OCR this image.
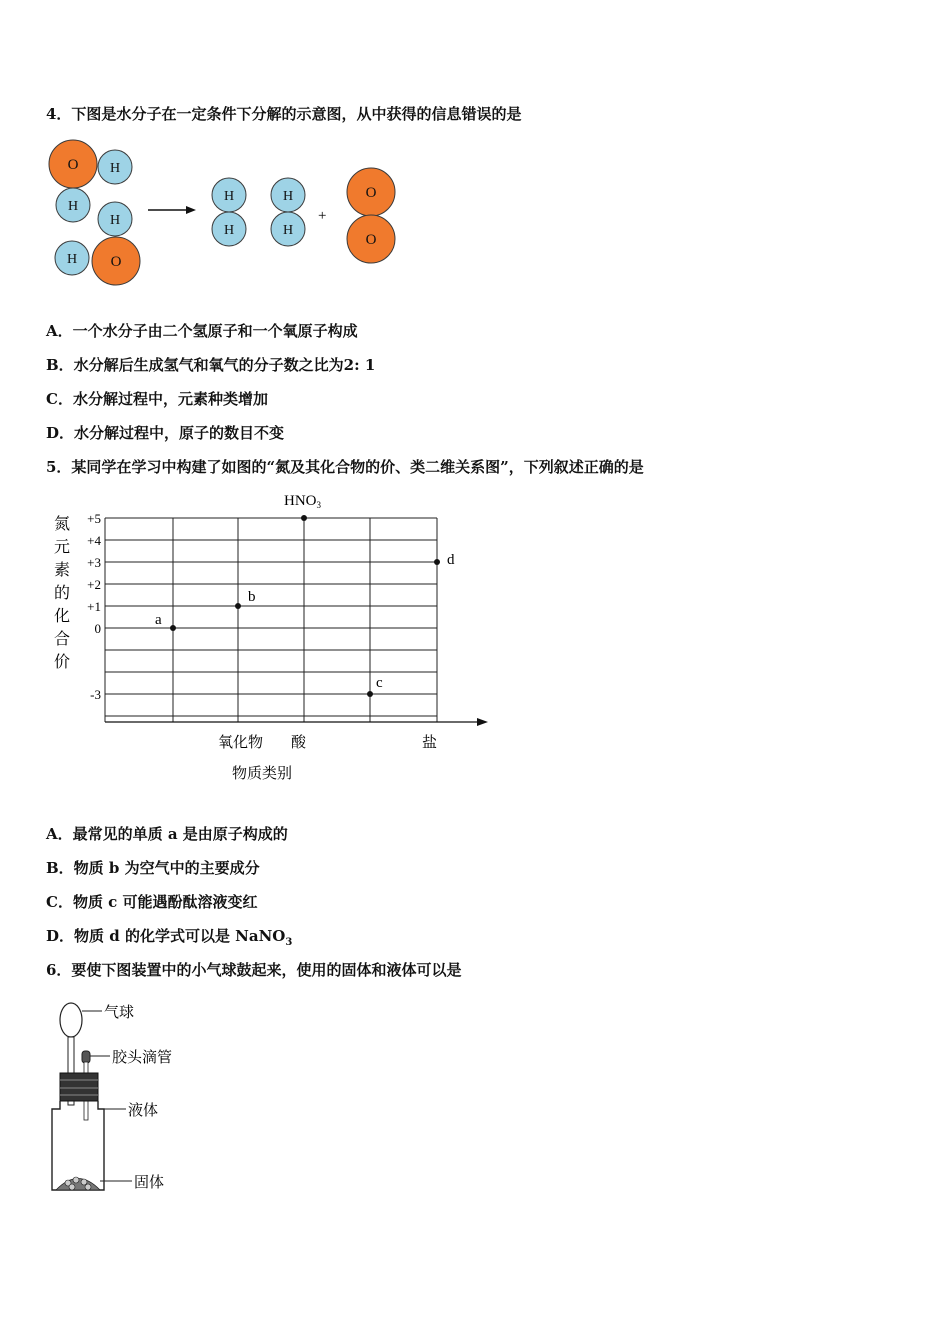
4．下图是水分子在一定条件下分解的示意图，从中获得的信息错误的是
O H
H
H
H O
H
H
H
H
O
O
+
A．一个水分子由二个氢原子和一个氧原子构成
B．水分解后生成氢气和氧气的分子数之比为2: 1
C．水分解过程中，元素种类增加
D．水分解过程中，原子的数目不变
5．某同学在学习中构建了如图的“氮及其化合物的价、类二维关系图”，下列叙述正确的是
氮
元
素
的
化
合
价
+5
+4
+3
+2
+1
0
-3
a
b
$HNO_3$
c
d
氧化物 酸	盐
物质类别
A．最常见的单质 a 是由原子构成的
B．物质 b 为空气中的主要成分
C．物质 c 可能遇酚酞溶液变红
D．物质 d 的化学式可以是 NaNO$_3$
6．要使下图装置中的小气球鼓起来，使用的固体和液体可以是
气球
胶头滴管
液体
固体
